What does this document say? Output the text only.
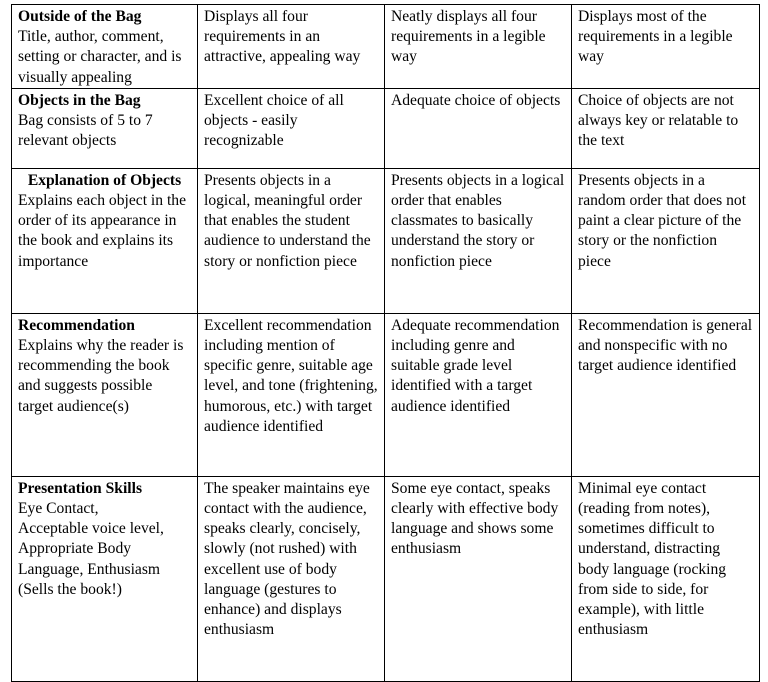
Outside of the Bag

Title, author, comment, setting or character, and is visually appealing	Displays all four requirements in an attractive, appealing way	Neatly displays all four requirements in a legible way	Displays most of the requirements in a legible way

Objects in the Bag

Bag consists of 5 to 7 relevant objects	Excellent choice of all objects - easily recognizable	Adequate choice of objects	Choice of objects are not always key or relatable to the text

Explanation of Objects

Explains each object in the order of its appearance in the book and explains its importance	Presents objects in a logical, meaningful order that enables the student audience to understand the story or nonfiction piece	Presents objects in a logical order that enables classmates to basically understand the story or nonfiction piece	Presents objects in a random order that does not paint a clear picture of the story or the nonfiction piece

Recommendation

Explains why the reader is recommending the book and suggests possible target audience(s)	Excellent recommendation including mention of specific genre, suitable age level, and tone (frightening, humorous, etc.) with target audience identified	Adequate recommendation including genre and suitable grade level identified with a target audience identified	Recommendation is general and nonspecific with no target audience identified

Presentation Skills

Eye Contact,
Acceptable voice level, Appropriate Body Language, Enthusiasm (Sells the book!)	The speaker maintains eye contact with the audience, speaks clearly, concisely, slowly (not rushed) with excellent use of body language (gestures to enhance) and displays enthusiasm	Some eye contact, speaks clearly with effective body language and shows some enthusiasm	Minimal eye contact (reading from notes), sometimes difficult to understand, distracting body language (rocking from side to side, for example), with little enthusiasm
